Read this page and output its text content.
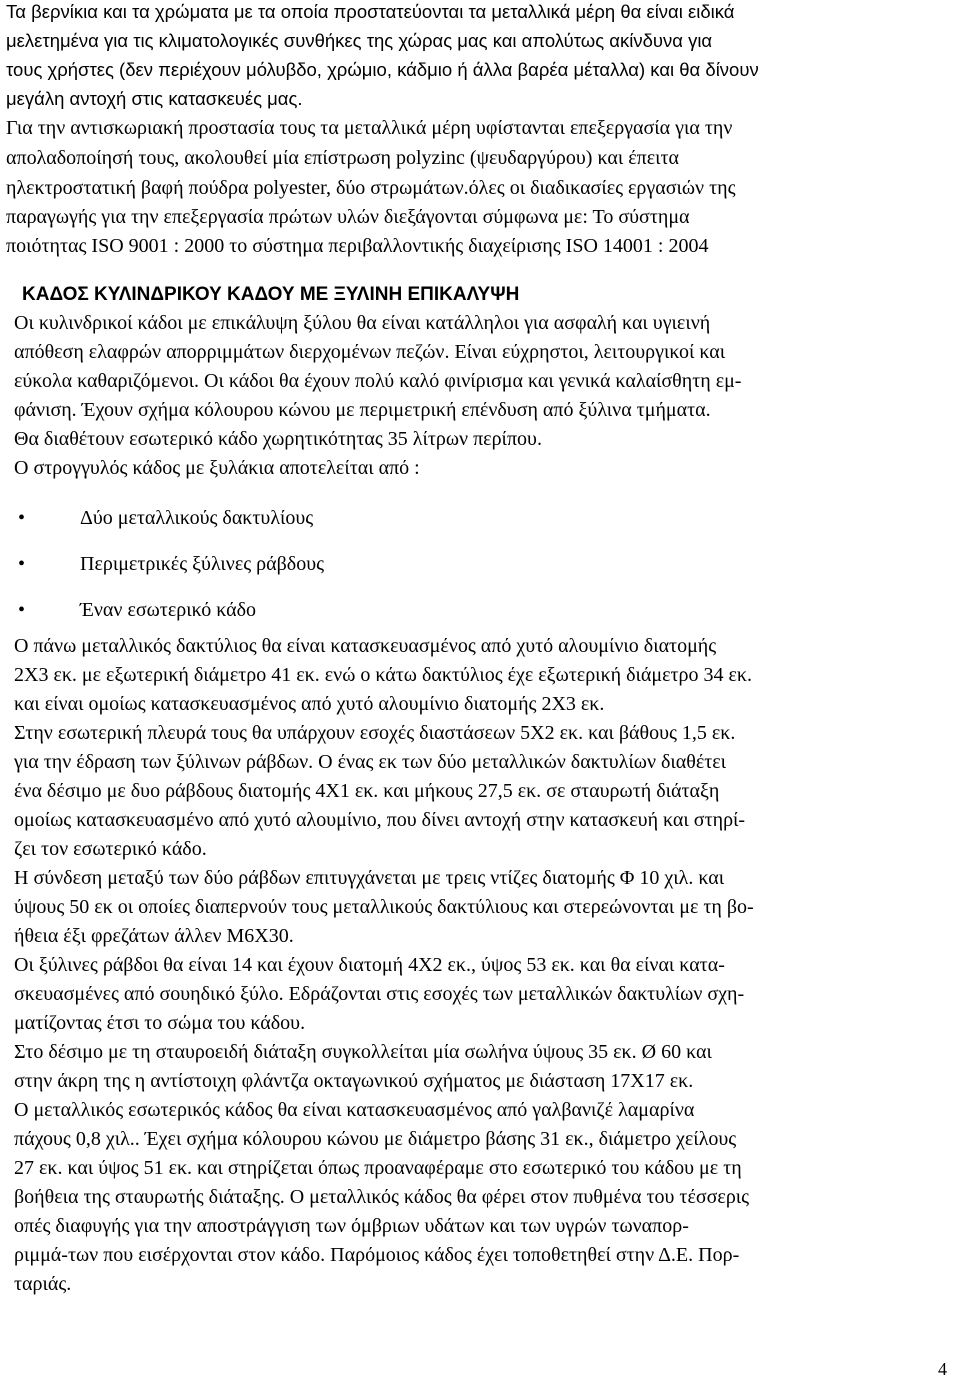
Τα βερνίκια και τα χρώματα με τα οποία προστατεύονται τα μεταλλικά μέρη θα είναι ειδικά
μελετημένα για τις κλιματολογικές συνθήκες της χώρας μας και απολύτως ακίνδυνα για
τους χρήστες (δεν περιέχουν μόλυβδο, χρώμιο, κάδμιο ή άλλα βαρέα μέταλλα) και θα δίνουν
μεγάλη αντοχή στις κατασκευές μας.
Για την αντισκωριακή προστασία τους τα μεταλλικά μέρη υφίστανται επεξεργασία για την
απολαδοποίησή τους, ακολουθεί μία επίστρωση polyzinc (ψευδαργύρου) και έπειτα
ηλεκτροστατική βαφή πούδρα polyester, δύο στρωμάτων.όλες οι διαδικασίες εργασιών της
παραγωγής για την επεξεργασία πρώτων υλών διεξάγονται σύμφωνα με: Το σύστημα
ποιότητας ISO 9001 : 2000 το σύστημα περιβαλλοντικής διαχείρισης ISO 14001 : 2004
ΚΑΔΟΣ ΚΥΛΙΝΔΡΙΚΟΥ ΚΑΔΟΥ ΜΕ ΞΥΛΙΝΗ ΕΠΙΚΑΛΥΨΗ
Οι κυλινδρικοί κάδοι με επικάλυψη ξύλου θα είναι κατάλληλοι για ασφαλή και υγιεινή
απόθεση ελαφρών απορριμμάτων διερχομένων πεζών. Είναι εύχρηστοι, λειτουργικοί και
εύκολα καθαριζόμενοι. Οι κάδοι θα έχουν πολύ καλό φινίρισμα και γενικά καλαίσθητη εμ-
φάνιση. Έχουν σχήμα κόλουρου κώνου με περιμετρική επένδυση από ξύλινα τμήματα.
Θα διαθέτουν εσωτερικό κάδο χωρητικότητας 35 λίτρων περίπου.
Ο στρογγυλός κάδος με ξυλάκια αποτελείται από :
•	Δύο μεταλλικούς δακτυλίους
•	Περιμετρικές ξύλινες ράβδους
•	Έναν εσωτερικό κάδο
Ο πάνω μεταλλικός δακτύλιος θα είναι κατασκευασμένος από χυτό αλουμίνιο διατομής
2Χ3 εκ. με εξωτερική διάμετρο 41 εκ. ενώ ο κάτω δακτύλιος έχε εξωτερική διάμετρο 34 εκ.
και είναι ομοίως κατασκευασμένος από χυτό αλουμίνιο διατομής 2Χ3 εκ.
Στην εσωτερική πλευρά τους θα υπάρχουν εσοχές διαστάσεων 5Χ2 εκ. και βάθους 1,5 εκ.
για την έδραση των ξύλινων ράβδων. Ο ένας εκ των δύο μεταλλικών δακτυλίων διαθέτει
ένα δέσιμο με δυο ράβδους διατομής 4Χ1 εκ. και μήκους 27,5 εκ. σε σταυρωτή διάταξη
ομοίως κατασκευασμένο από χυτό αλουμίνιο, που δίνει αντοχή στην κατασκευή και στηρί-
ζει τον εσωτερικό κάδο.
Η σύνδεση μεταξύ των δύο ράβδων επιτυγχάνεται με τρεις ντίζες διατομής Φ 10 χιλ. και
ύψους 50 εκ οι οποίες διαπερνούν τους μεταλλικούς δακτύλιους και στερεώνονται με τη βο-
ήθεια έξι φρεζάτων άλλεν Μ6Χ30.
Οι ξύλινες ράβδοι θα είναι 14 και έχουν διατομή 4Χ2 εκ., ύψος 53 εκ. και θα είναι κατα-
σκευασμένες από σουηδικό ξύλο. Εδράζονται στις εσοχές των μεταλλικών δακτυλίων σχη-
ματίζοντας έτσι το σώμα του κάδου.
Στο δέσιμο με τη σταυροειδή διάταξη συγκολλείται μία σωλήνα ύψους 35 εκ. Ø 60 και
στην άκρη της η αντίστοιχη φλάντζα οκταγωνικού σχήματος με διάσταση 17Χ17 εκ.
Ο μεταλλικός εσωτερικός κάδος θα είναι κατασκευασμένος από γαλβανιζέ λαμαρίνα
πάχους 0,8 χιλ.. Έχει σχήμα κόλουρου κώνου με διάμετρο βάσης 31 εκ., διάμετρο χείλους
27 εκ. και ύψος 51 εκ. και στηρίζεται όπως προαναφέραμε στο εσωτερικό του κάδου με τη
βοήθεια της σταυρωτής διάταξης. Ο μεταλλικός κάδος θα φέρει στον πυθμένα του τέσσερις
οπές διαφυγής για την αποστράγγιση των όμβριων υδάτων και των υγρών τωναπορ-
ριμμά-των που εισέρχονται στον κάδο. Παρόμοιος κάδος έχει τοποθετηθεί στην Δ.Ε. Πορ-
ταριάς.
4
